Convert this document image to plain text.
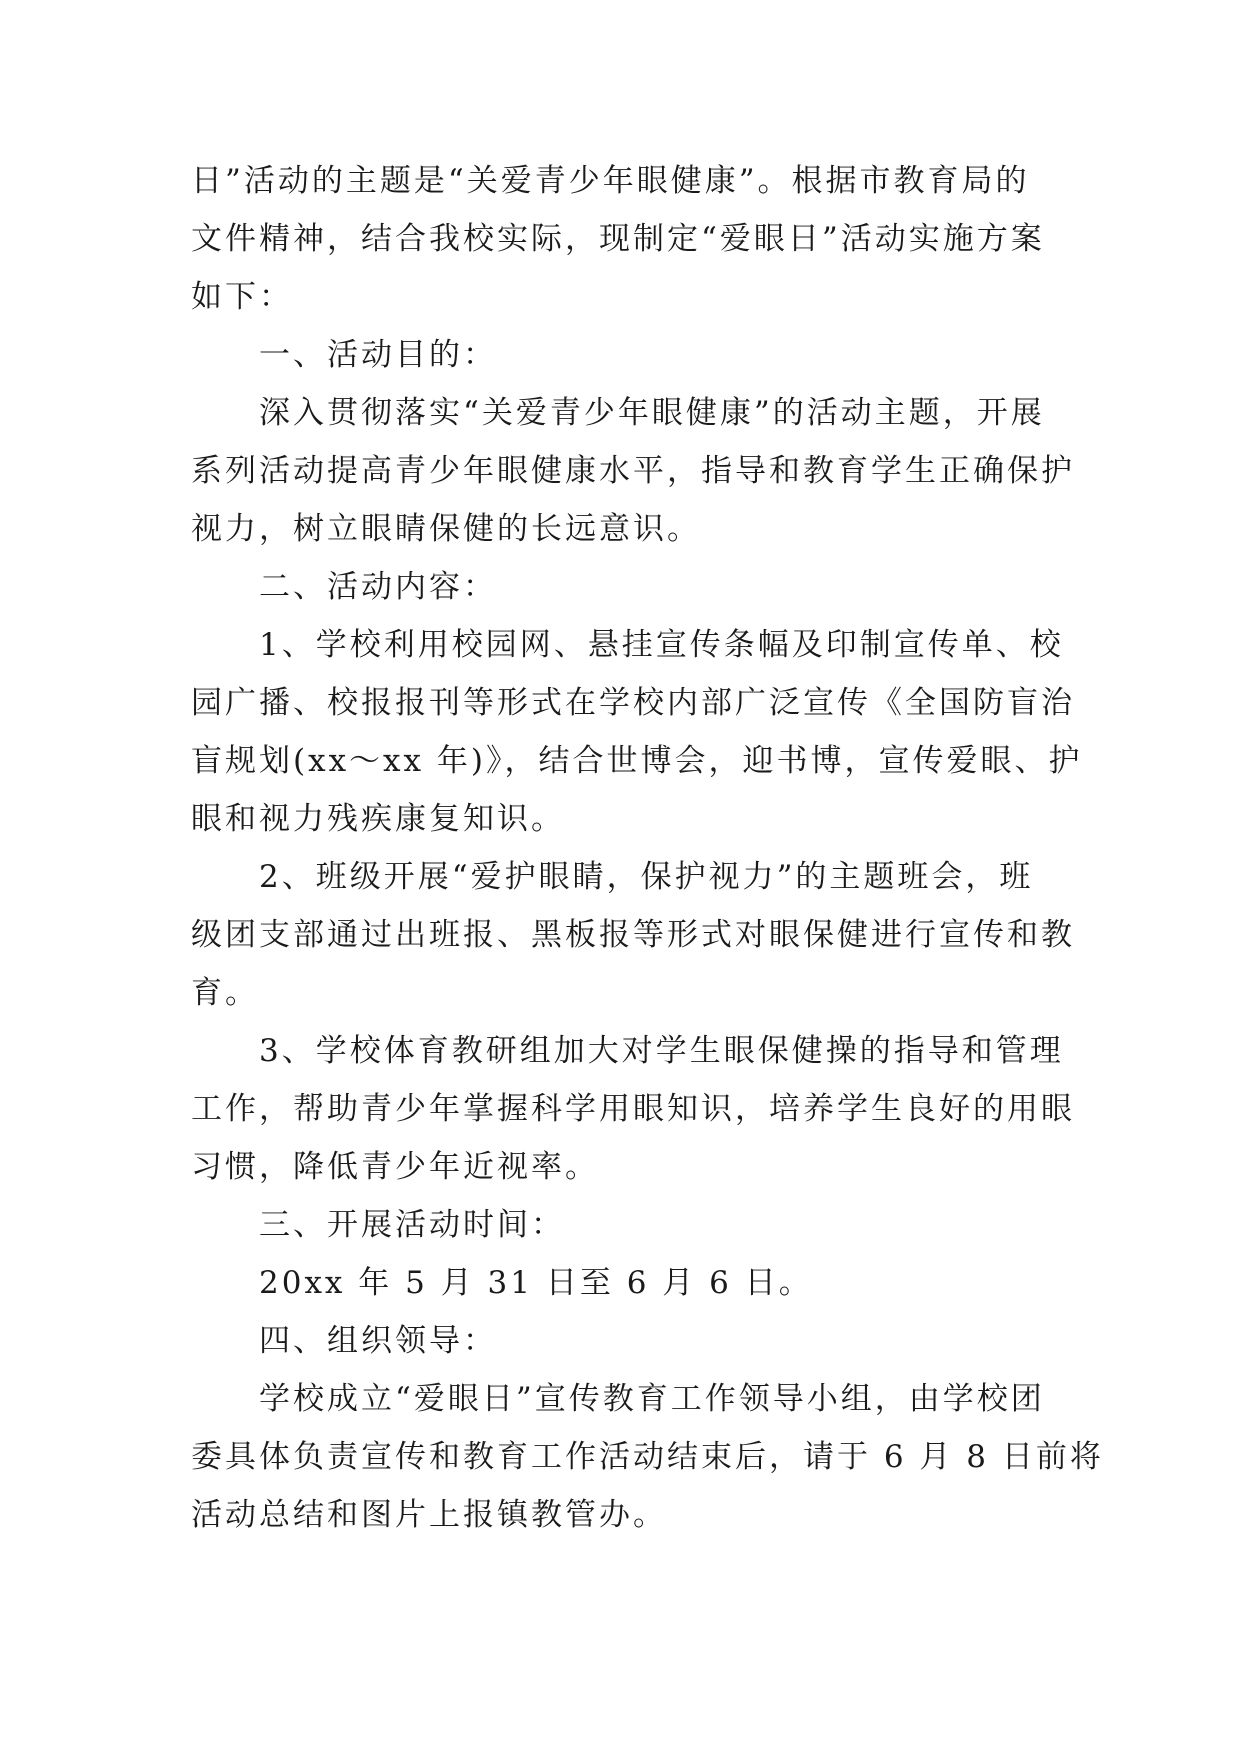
日”活动的主题是“关爱青少年眼健康”。根据市教育局的
文件精神，结合我校实际，现制定“爱眼日”活动实施方案
如下：
　　一、活动目的：
　　深入贯彻落实“关爱青少年眼健康”的活动主题，开展
系列活动提高青少年眼健康水平，指导和教育学生正确保护
视力，树立眼睛保健的长远意识。
　　二、活动内容：
　　1、学校利用校园网、悬挂宣传条幅及印制宣传单、校
园广播、校报报刊等形式在学校内部广泛宣传《全国防盲治
盲规划(xx～xx 年)》，结合世博会，迎书博，宣传爱眼、护
眼和视力残疾康复知识。
　　2、班级开展“爱护眼睛，保护视力”的主题班会，班
级团支部通过出班报、黑板报等形式对眼保健进行宣传和教
育。
　　3、学校体育教研组加大对学生眼保健操的指导和管理
工作，帮助青少年掌握科学用眼知识，培养学生良好的用眼
习惯，降低青少年近视率。
　　三、开展活动时间：
　　20xx 年 5 月 31 日至 6 月 6 日。
　　四、组织领导：
　　学校成立“爱眼日”宣传教育工作领导小组，由学校团
委具体负责宣传和教育工作活动结束后，请于 6 月 8 日前将
活动总结和图片上报镇教管办。
